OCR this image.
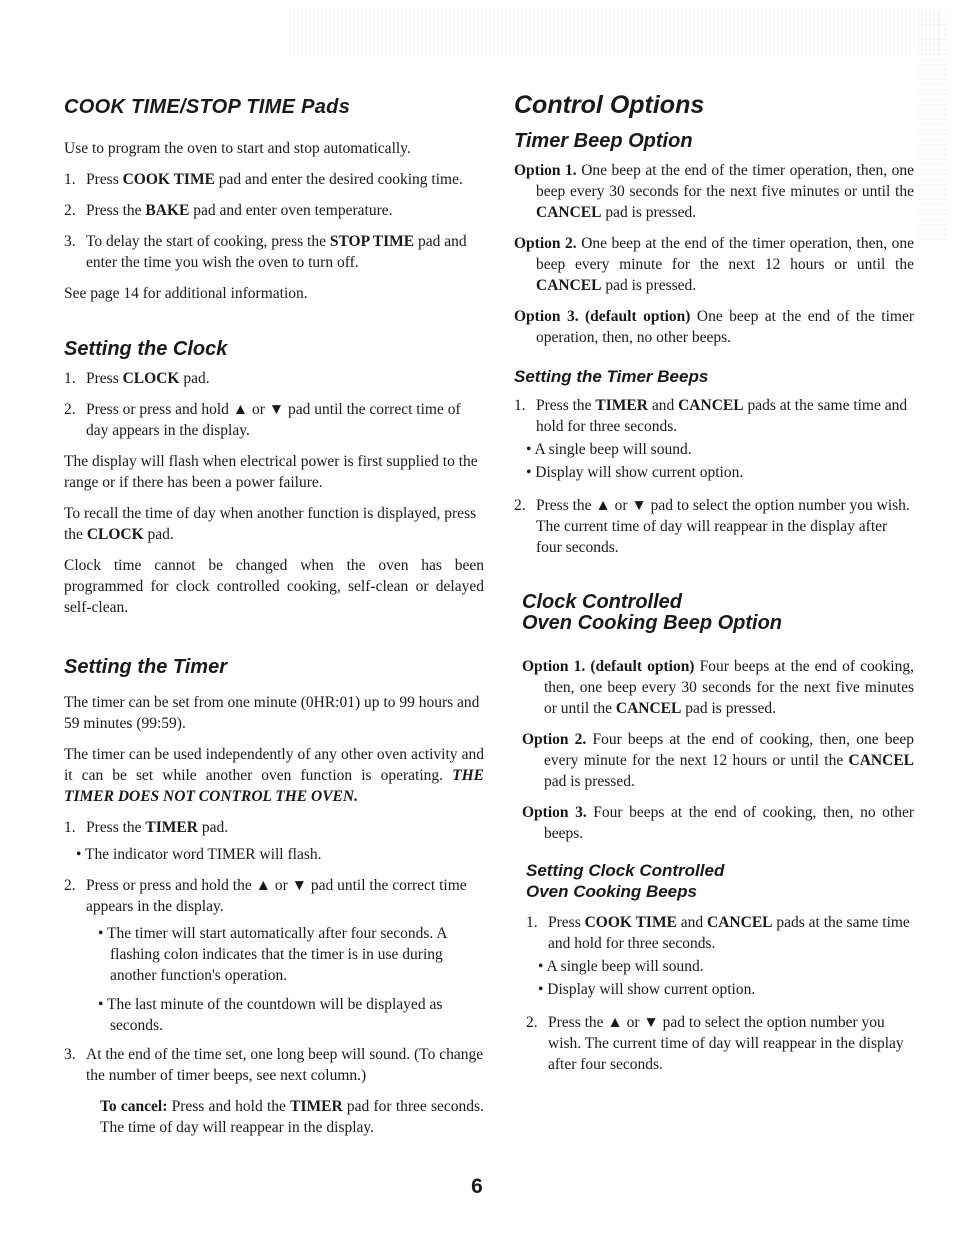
COOK TIME/STOP TIME Pads

Use to program the oven to start and stop automatically.

1. Press COOK TIME pad and enter the desired cooking time.
2. Press the BAKE pad and enter oven temperature.
3. To delay the start of cooking, press the STOP TIME pad and enter the time you wish the oven to turn off.

See page 14 for additional information.

Setting the Clock
1. Press CLOCK pad.
2. Press or press and hold ▲ or ▼ pad until the correct time of day appears in the display.

The display will flash when electrical power is first supplied to the range or if there has been a power failure.

To recall the time of day when another function is displayed, press the CLOCK pad.

Clock time cannot be changed when the oven has been programmed for clock controlled cooking, self-clean or delayed self-clean.

Setting the Timer

The timer can be set from one minute (0HR:01) up to 99 hours and 59 minutes (99:59).

The timer can be used independently of any other oven activity and it can be set while another oven function is operating. THE TIMER DOES NOT CONTROL THE OVEN.

1. Press the TIMER pad.

• The indicator word TIMER will flash.

2. Press or press and hold the ▲ or ▼ pad until the correct time appears in the display.

• The timer will start automatically after four seconds. A flashing colon indicates that the timer is in use during another function's operation.

• The last minute of the countdown will be displayed as seconds.

3. At the end of the time set, one long beep will sound. (To change the number of timer beeps, see next column.)

To cancel: Press and hold the TIMER pad for three seconds. The time of day will reappear in the display.

Control Options
Timer Beep Option

Option 1. One beep at the end of the timer operation, then, one beep every 30 seconds for the next five minutes or until the CANCEL pad is pressed.

Option 2. One beep at the end of the timer operation, then, one beep every minute for the next 12 hours or until the CANCEL pad is pressed.

Option 3. (default option) One beep at the end of the timer operation, then, no other beeps.

Setting the Timer Beeps
1. Press the TIMER and CANCEL pads at the same time and hold for three seconds.

• A single beep will sound.

• Display will show current option.

2. Press the ▲ or ▼ pad to select the option number you wish. The current time of day will reappear in the display after four seconds.
Clock Controlled
Oven Cooking Beep Option

Option 1. (default option) Four beeps at the end of cooking, then, one beep every 30 seconds for the next five minutes or until the CANCEL pad is pressed.

Option 2. Four beeps at the end of cooking, then, one beep every minute for the next 12 hours or until the CANCEL pad is pressed.

Option 3. Four beeps at the end of cooking, then, no other beeps.

Setting Clock Controlled
Oven Cooking Beeps
1. Press COOK TIME and CANCEL pads at the same time and hold for three seconds.

• A single beep will sound.

• Display will show current option.

2. Press the ▲ or ▼ pad to select the option number you wish. The current time of day will reappear in the display after four seconds.
6
